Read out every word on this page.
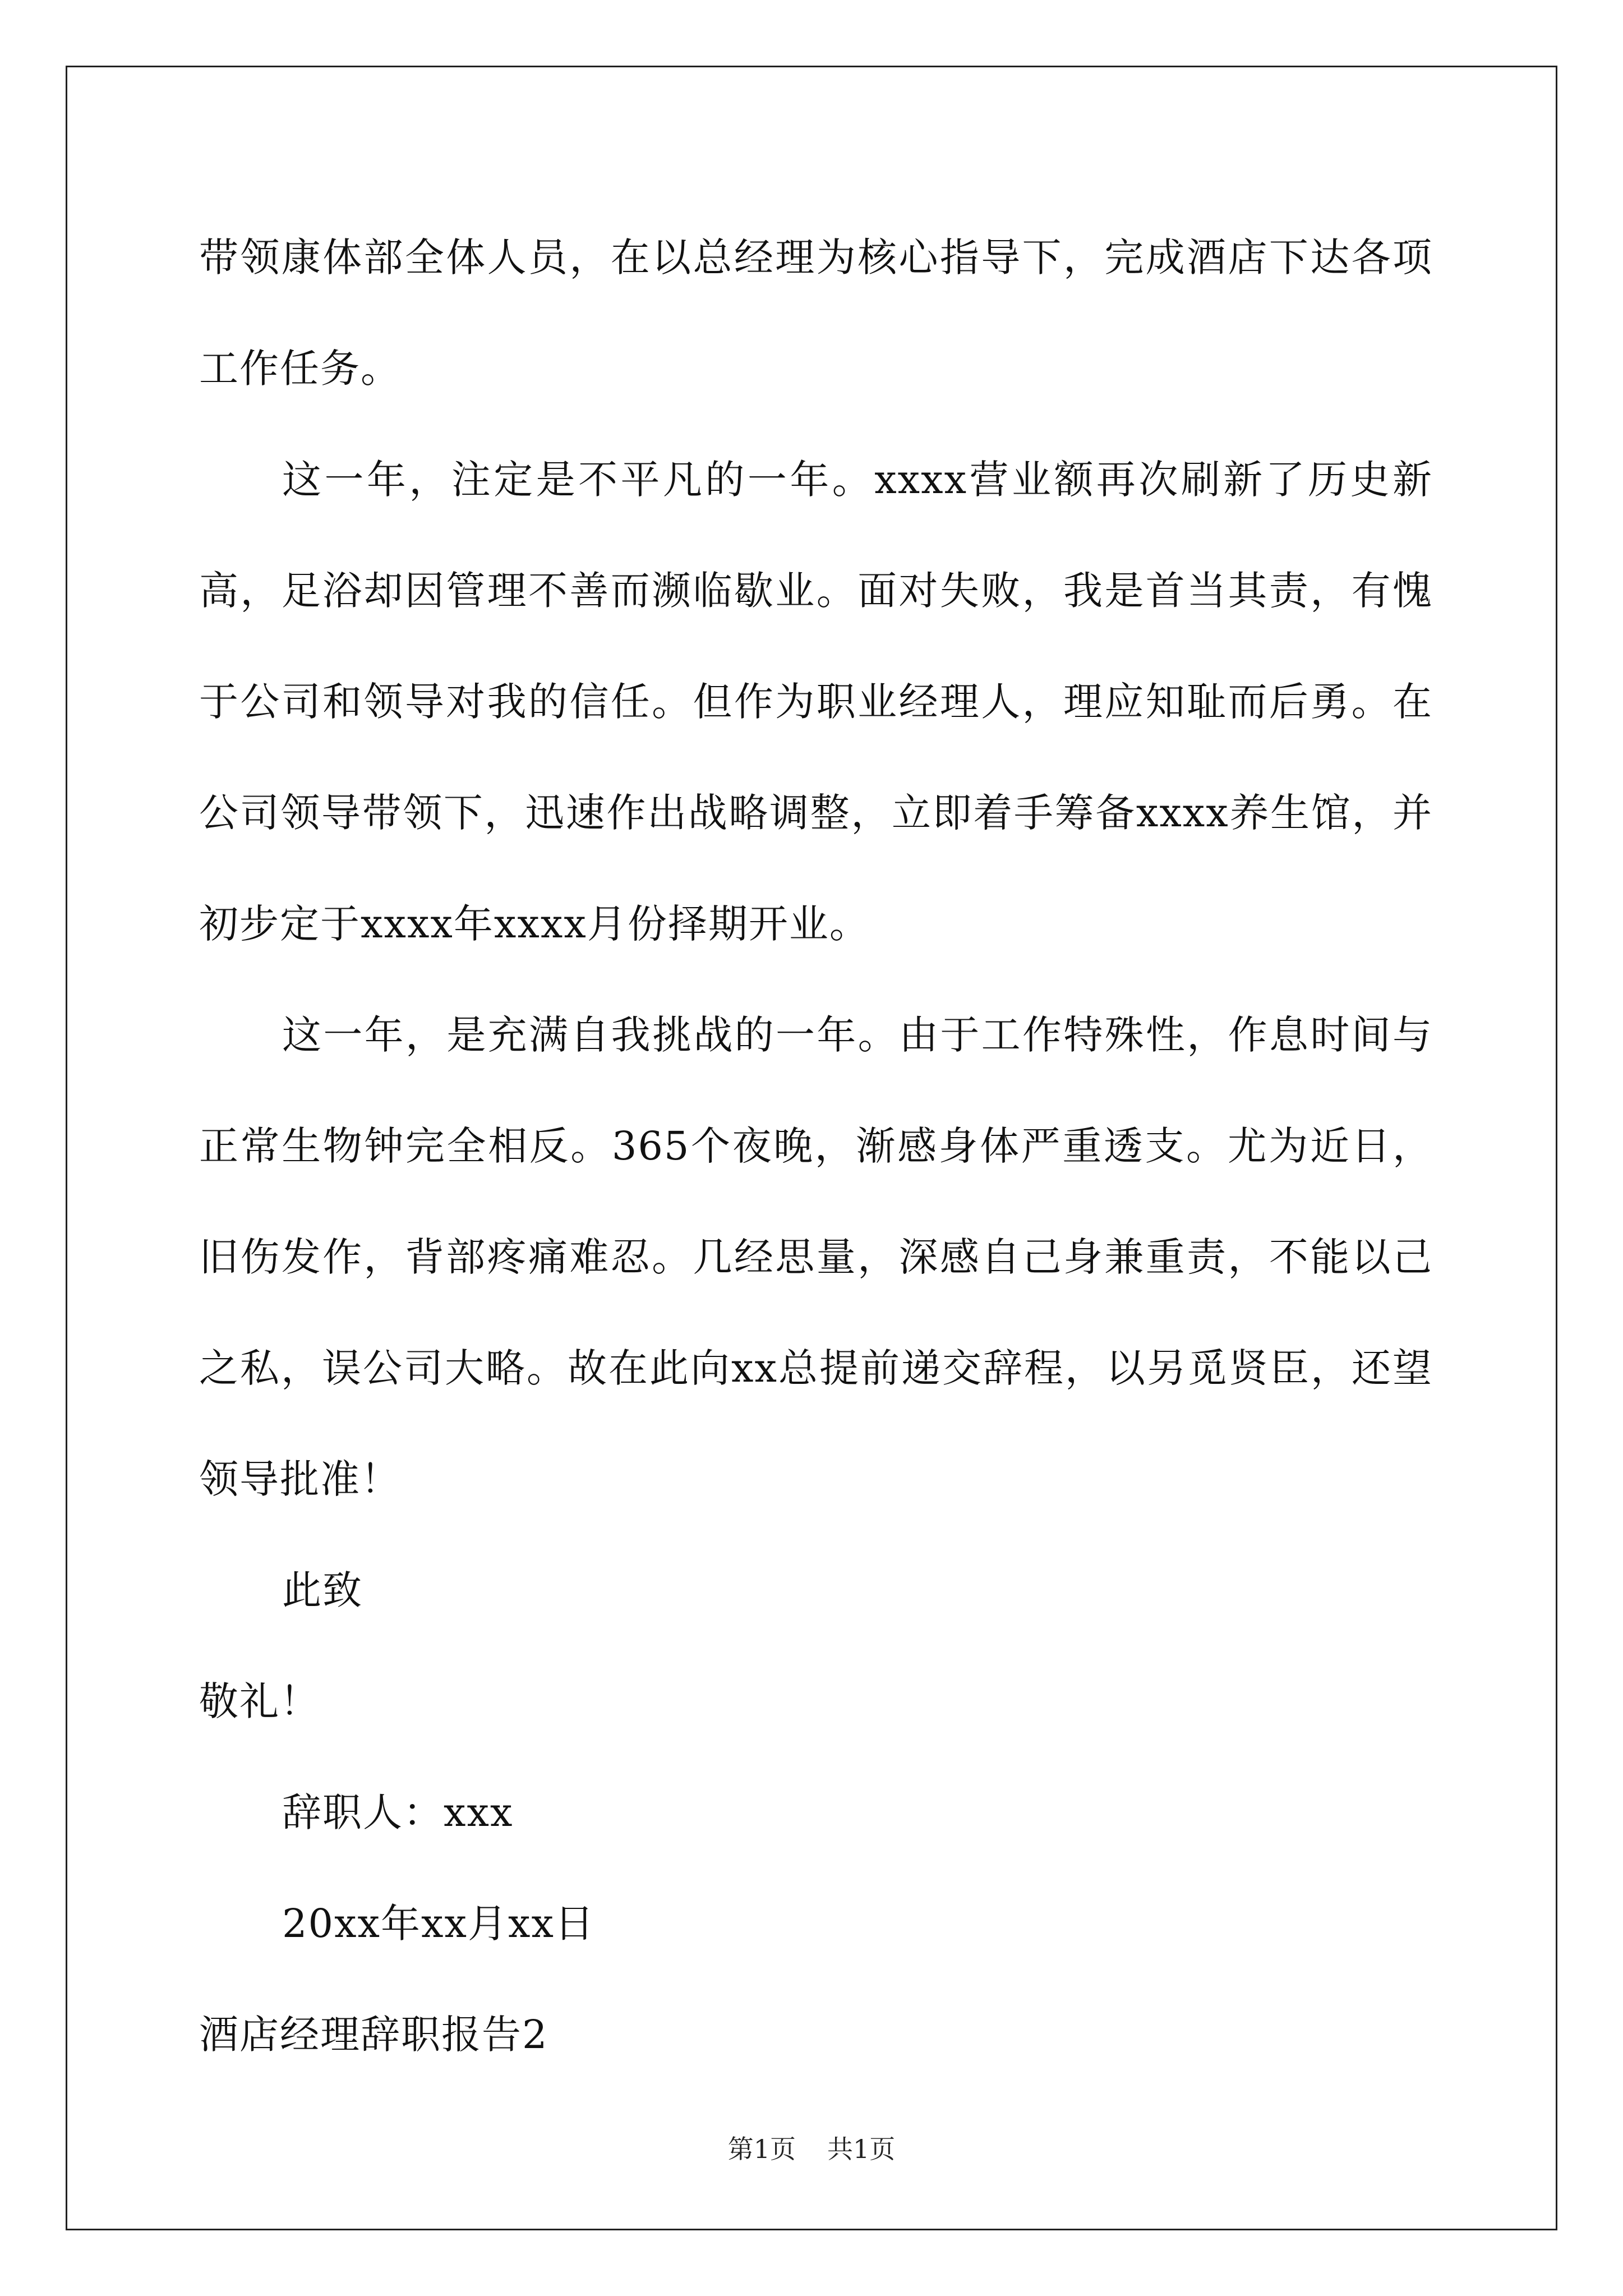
带领康体部全体人员，在以总经理为核心指导下，完成酒店下达各项工作任务。

这一年，注定是不平凡的一年。xxxx营业额再次刷新了历史新高，足浴却因管理不善而濒临歇业。面对失败，我是首当其责，有愧于公司和领导对我的信任。但作为职业经理人，理应知耻而后勇。在公司领导带领下，迅速作出战略调整，立即着手筹备xxxx养生馆，并初步定于xxxx年xxxx月份择期开业。

这一年，是充满自我挑战的一年。由于工作特殊性，作息时间与正常生物钟完全相反。365个夜晚，渐感身体严重透支。尤为近日，旧伤发作，背部疼痛难忍。几经思量，深感自己身兼重责，不能以己之私，误公司大略。故在此向xx总提前递交辞程，以另觅贤臣，还望领导批准！

此致

敬礼！

辞职人：xxx

20xx年xx月xx日

酒店经理辞职报告2

第1页 共1页
